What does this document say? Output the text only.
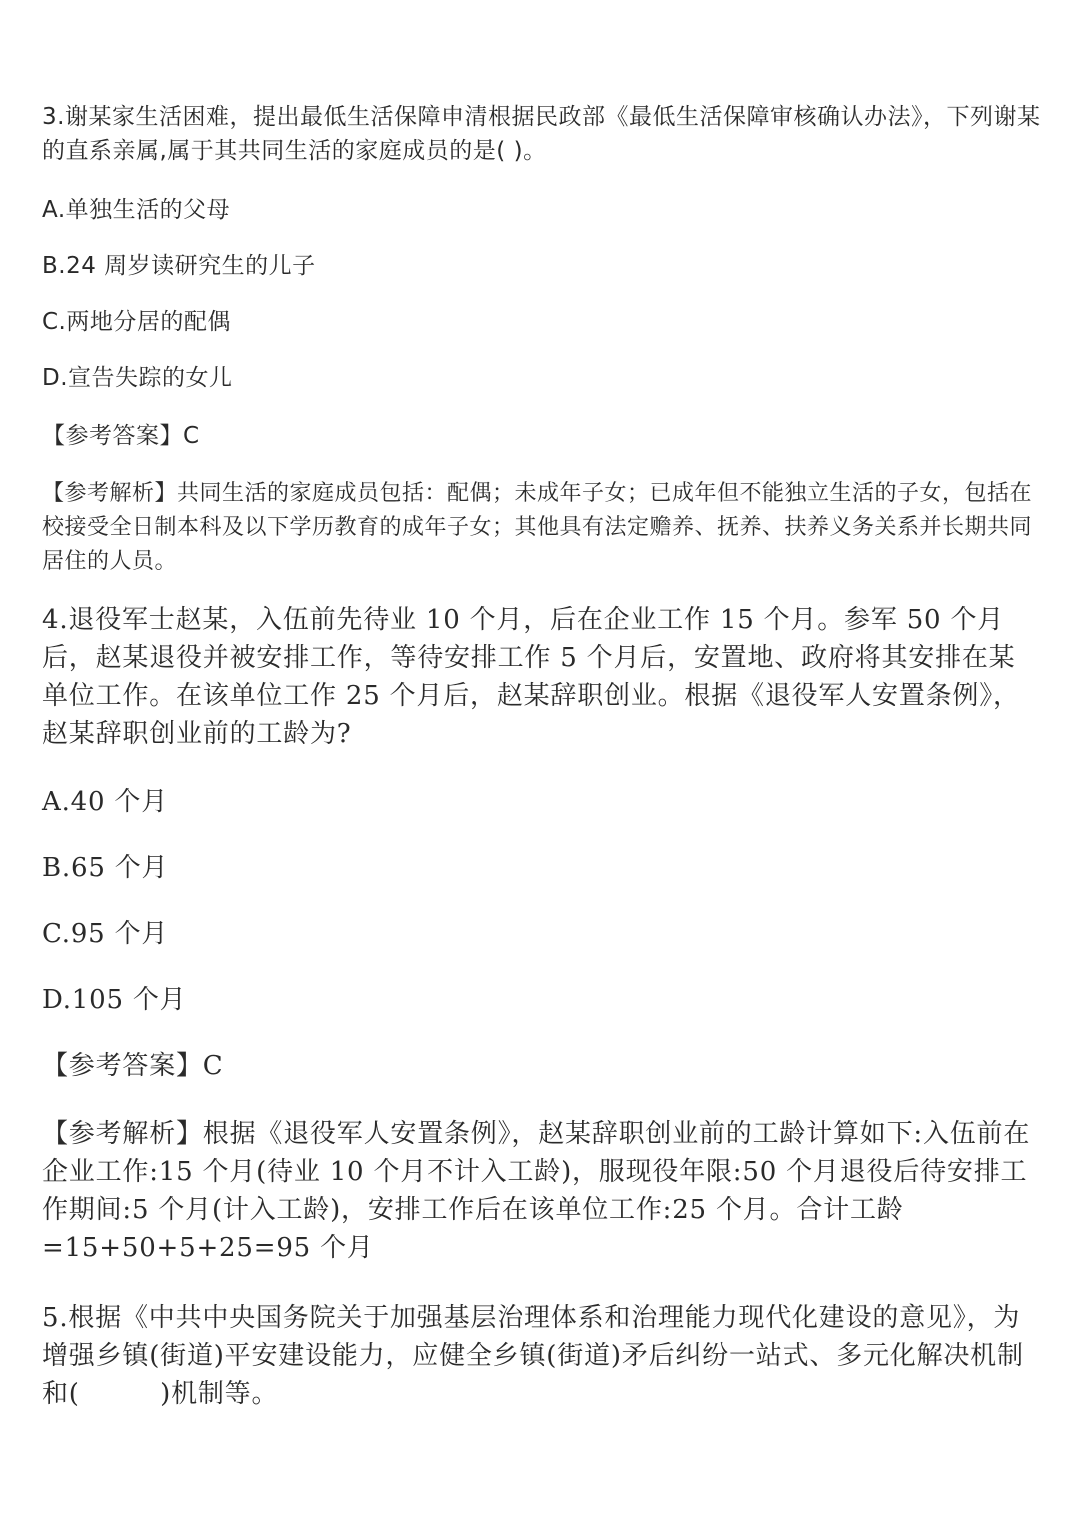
3.谢某家生活困难，提出最低生活保障申清根据民政部《最低生活保障审核确认办法》，下列谢某的直系亲属,属于其共同生活的家庭成员的是( )。

A.单独生活的父母

B.24 周岁读研究生的儿子

C.两地分居的配偶

D.宣告失踪的女儿

【参考答案】C

【参考解析】共同生活的家庭成员包括：配偶；未成年子女；已成年但不能独立生活的子女，包括在校接受全日制本科及以下学历教育的成年子女；其他具有法定赡养、抚养、扶养义务关系并长期共同居住的人员。

4.退役军士赵某，入伍前先待业 10 个月，后在企业工作 15 个月。参军 50 个月后，赵某退役并被安排工作，等待安排工作 5 个月后，安置地、政府将其安排在某单位工作。在该单位工作 25 个月后，赵某辞职创业。根据《退役军人安置条例》，赵某辞职创业前的工龄为?

A.40 个月

B.65 个月

C.95 个月

D.105 个月

【参考答案】C

【参考解析】根据《退役军人安置条例》，赵某辞职创业前的工龄计算如下:入伍前在企业工作:15 个月(待业 10 个月不计入工龄)，服现役年限:50 个月退役后待安排工作期间:5 个月(计入工龄)，安排工作后在该单位工作:25 个月。合计工龄=15+50+5+25=95 个月

5.根据《中共中央国务院关于加强基层治理体系和治理能力现代化建设的意见》，为增强乡镇(街道)平安建设能力，应健全乡镇(街道)矛后纠纷一站式、多元化解决机制和(　　　)机制等。
